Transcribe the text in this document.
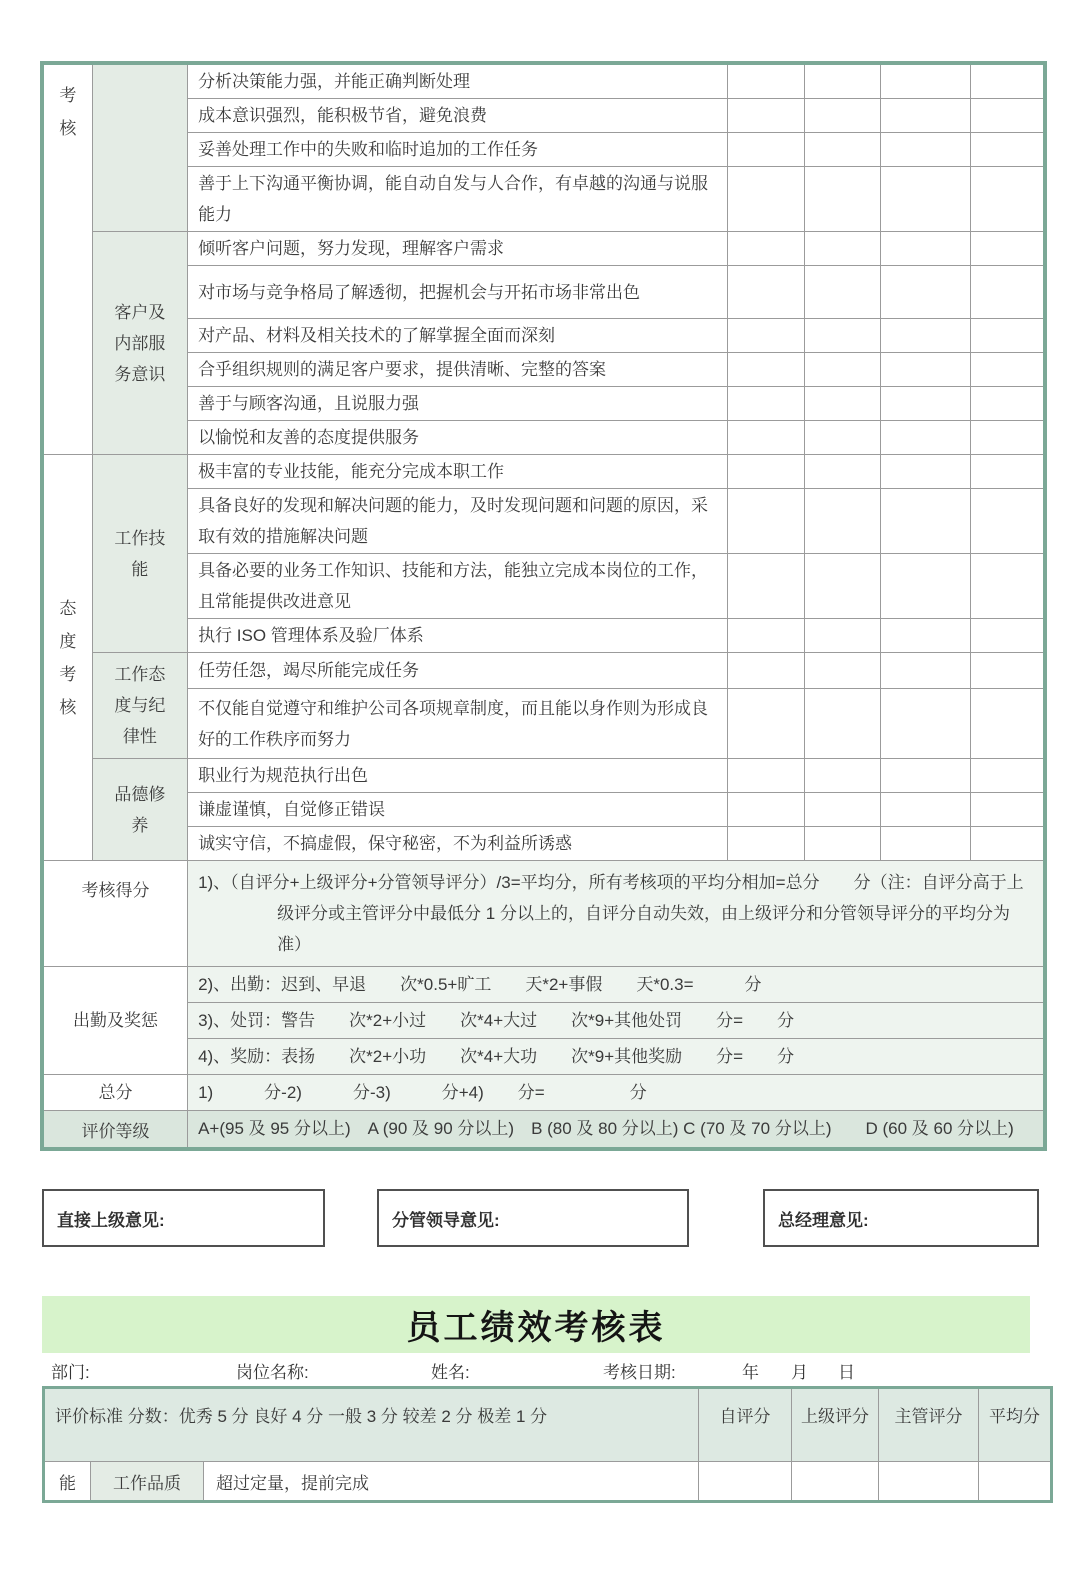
考核		分析决策能力强，并能正确判断处理				
		成本意识强烈，能积极节省，避免浪费				
		妥善处理工作中的失败和临时追加的工作任务				
		善于上下沟通平衡协调，能自动自发与人合作，有卓越的沟通与说服能力				
	客户及内部服务意识	倾听客户问题，努力发现，理解客户需求				
		对市场与竞争格局了解透彻，把握机会与开拓市场非常出色				
		对产品、材料及相关技术的了解掌握全面而深刻				
		合乎组织规则的满足客户要求，提供清晰、完整的答案				
		善于与顾客沟通，且说服力强				
		以愉悦和友善的态度提供服务				
态度考核	工作技能	极丰富的专业技能，能充分完成本职工作				
		具备良好的发现和解决问题的能力，及时发现问题和问题的原因，采取有效的措施解决问题				
		具备必要的业务工作知识、技能和方法，能独立完成本岗位的工作，且常能提供改进意见				
		执行 ISO 管理体系及验厂体系				
	工作态度与纪律性	任劳任怨，竭尽所能完成任务				
		不仅能自觉遵守和维护公司各项规章制度，而且能以身作则为形成良好的工作秩序而努力				
	品德修养	职业行为规范执行出色				
		谦虚谨慎，自觉修正错误				
		诚实守信，不搞虚假，保守秘密，不为利益所诱惑				
考核得分		1)、（自评分+上级评分+分管领导评分）/3=平均分，所有考核项的平均分相加=总分　　分（注：自评分高于上级评分或主管评分中最低分 1 分以上的，自评分自动失效，由上级评分和分管领导评分的平均分为准）				
出勤及奖惩		2)、出勤：迟到、早退　　次*0.5+旷工　　天*2+事假　　天*0.3=　　　分				
		3)、处罚：警告　　次*2+小过　　次*4+大过　　次*9+其他处罚　　分=　　分				
		4)、奖励：表扬　　次*2+小功　　次*4+大功　　次*9+其他奖励　　分=　　分				
总分		1)　　　分-2)　　　分-3)　　　分+4)　　分=　　　　　分				
评价等级		A+(95 及 95 分以上)　A (90 及 90 分以上)　B (80 及 80 分以上) C (70 及 70 分以上)　　D (60 及 60 分以上)				
直接上级意见:	分管领导意见:	总经理意见:
员工绩效考核表
部门:	岗位名称:	姓名:	考核日期:	年 月 日
评价标准 分数：优秀 5 分 良好 4 分 一般 3 分 较差 2 分 极差 1 分			自评分	上级评分	主管评分	平均分
能	工作品质	超过定量，提前完成				
